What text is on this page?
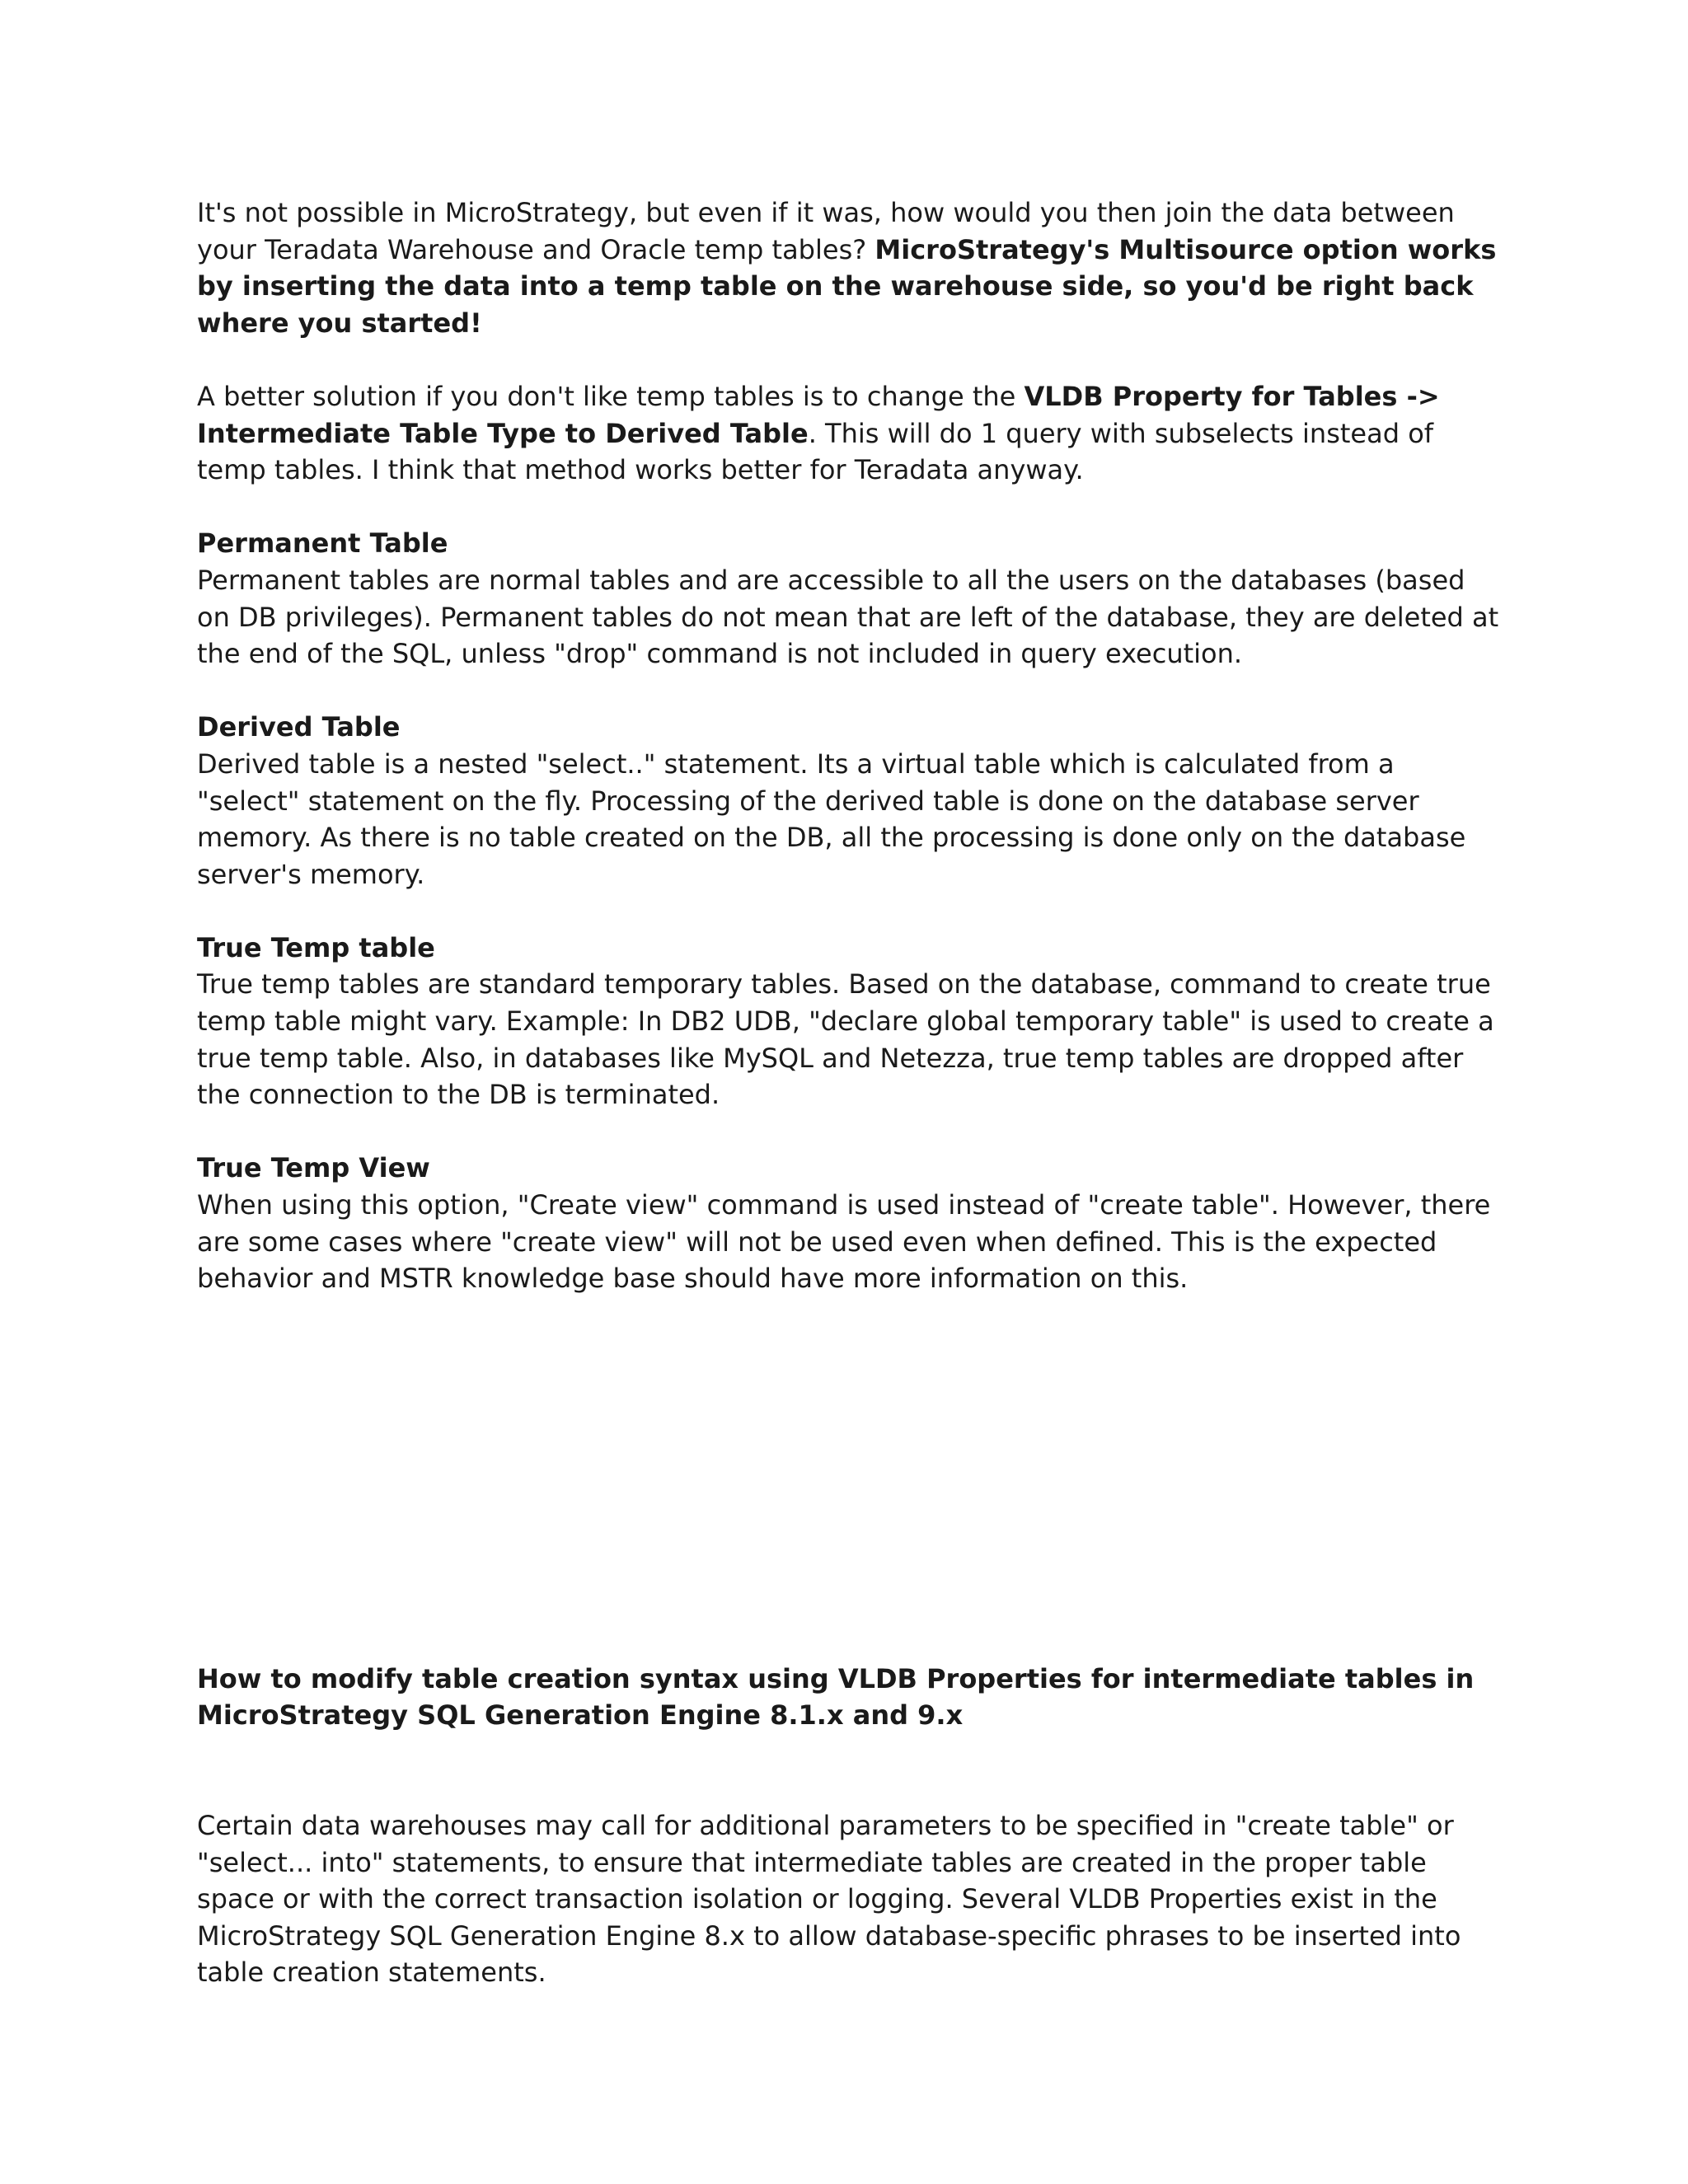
It's not possible in MicroStrategy, but even if it was, how would you then join the data between your Teradata Warehouse and Oracle temp tables? MicroStrategy's Multisource option works by inserting the data into a temp table on the warehouse side, so you'd be right back where you started!

A better solution if you don't like temp tables is to change the VLDB Property for Tables -> Intermediate Table Type to Derived Table. This will do 1 query with subselects instead of temp tables. I think that method works better for Teradata anyway.

Permanent Table

Permanent tables are normal tables and are accessible to all the users on the databases (based on DB privileges). Permanent tables do not mean that are left of the database, they are deleted at the end of the SQL, unless "drop" command is not included in query execution.

Derived Table

Derived table is a nested "select.." statement. Its a virtual table which is calculated from a "select" statement on the fly. Processing of the derived table is done on the database server memory. As there is no table created on the DB, all the processing is done only on the database server's memory.

True Temp table

True temp tables are standard temporary tables. Based on the database, command to create true temp table might vary. Example: In DB2 UDB, "declare global temporary table" is used to create a true temp table. Also, in databases like MySQL and Netezza, true temp tables are dropped after the connection to the DB is terminated.

True Temp View

When using this option, "Create view" command is used instead of "create table". However, there are some cases where "create view" will not be used even when defined. This is the expected behavior and MSTR knowledge base should have more information on this.

How to modify table creation syntax using VLDB Properties for intermediate tables in MicroStrategy SQL Generation Engine 8.1.x and 9.x

Certain data warehouses may call for additional parameters to be specified in "create table" or "select... into" statements, to ensure that intermediate tables are created in the proper table space or with the correct transaction isolation or logging. Several VLDB Properties exist in the MicroStrategy SQL Generation Engine 8.x to allow database-specific phrases to be inserted into table creation statements.
